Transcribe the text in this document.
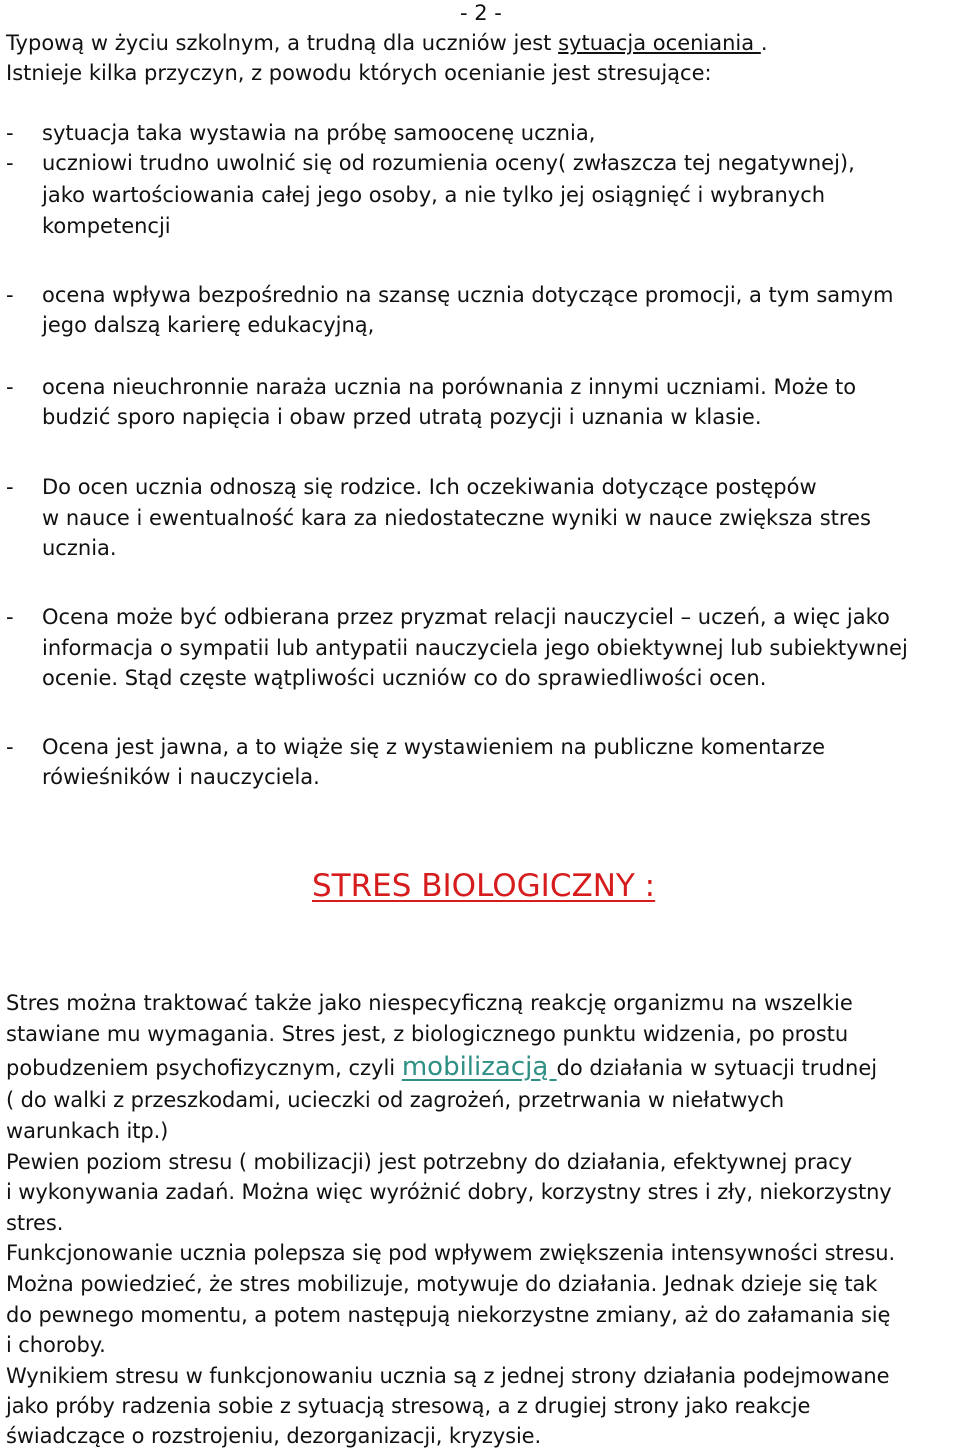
- 2 -
Typową w życiu szkolnym, a trudną dla uczniów jest sytuacja oceniania .
Istnieje kilka przyczyn, z powodu których ocenianie jest stresujące:
- sytuacja taka wystawia na próbę samoocenę ucznia,
- uczniowi trudno uwolnić się od rozumienia oceny( zwłaszcza tej negatywnej),
jako wartościowania całej jego osoby, a nie tylko jej osiągnięć i wybranych
kompetencji
- ocena wpływa bezpośrednio na szansę ucznia dotyczące promocji, a tym samym
jego dalszą karierę edukacyjną,
- ocena nieuchronnie naraża ucznia na porównania z innymi uczniami. Może to
budzić sporo napięcia i obaw przed utratą pozycji i uznania w klasie.
- Do ocen ucznia odnoszą się rodzice. Ich oczekiwania dotyczące postępów
w nauce i ewentualność kara za niedostateczne wyniki w nauce zwiększa stres
ucznia.
- Ocena może być odbierana przez pryzmat relacji nauczyciel – uczeń, a więc jako
informacja o sympatii lub antypatii nauczyciela jego obiektywnej lub subiektywnej
ocenie. Stąd częste wątpliwości uczniów co do sprawiedliwości ocen.
- Ocena jest jawna, a to wiąże się z wystawieniem na publiczne komentarze
rówieśników i nauczyciela.
STRES BIOLOGICZNY :
Stres można traktować także jako niespecyficzną reakcję organizmu na wszelkie
stawiane mu wymagania. Stres jest, z biologicznego punktu widzenia, po prostu
pobudzeniem psychofizycznym, czyli mobilizacją do działania w sytuacji trudnej
( do walki z przeszkodami, ucieczki od zagrożeń, przetrwania w niełatwych
warunkach itp.)
Pewien poziom stresu ( mobilizacji) jest potrzebny do działania, efektywnej pracy
i wykonywania zadań. Można więc wyróżnić dobry, korzystny stres i zły, niekorzystny
stres.
Funkcjonowanie ucznia polepsza się pod wpływem zwiększenia intensywności stresu.
Można powiedzieć, że stres mobilizuje, motywuje do działania. Jednak dzieje się tak
do pewnego momentu, a potem następują niekorzystne zmiany, aż do załamania się
i choroby.
Wynikiem stresu w funkcjonowaniu ucznia są z jednej strony działania podejmowane
jako próby radzenia sobie z sytuacją stresową, a z drugiej strony jako reakcje
świadczące o rozstrojeniu, dezorganizacji, kryzysie.
